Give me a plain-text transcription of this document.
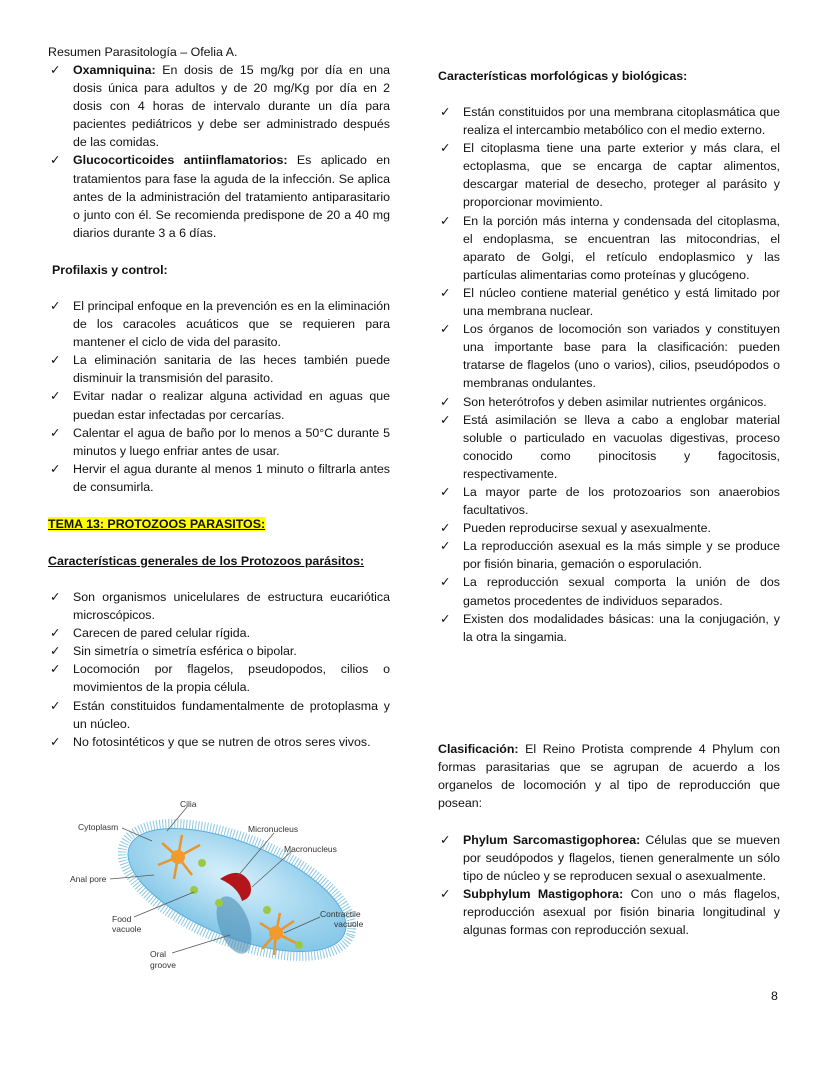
Resumen Parasitología – Ofelia A.
✓ Oxamniquina: En dosis de 15 mg/kg por día en una dosis única para adultos y de 20 mg/Kg por día en 2 dosis con 4 horas de intervalo durante un día para pacientes pediátricos y debe ser administrado después de las comidas.
✓ Glucocorticoides antiinflamatorios: Es aplicado en tratamientos para fase la aguda de la infección. Se aplica antes de la administración del tratamiento antiparasitario o junto con él. Se recomienda predispone de 20 a 40 mg diarios durante 3 a 6 días.
Profilaxis y control:
✓ El principal enfoque en la prevención es en la eliminación de los caracoles acuáticos que se requieren para mantener el ciclo de vida del parasito.
✓ La eliminación sanitaria de las heces también puede disminuir la transmisión del parasito.
✓ Evitar nadar o realizar alguna actividad en aguas que puedan estar infectadas por cercarías.
✓ Calentar el agua de baño por lo menos a 50°C durante 5 minutos y luego enfriar antes de usar.
✓ Hervir el agua durante al menos 1 minuto o filtrarla antes de consumirla.
TEMA 13: PROTOZOOS PARASITOS:
Características generales de los Protozoos parásitos:
✓ Son organismos unicelulares de estructura eucariótica microscópicos.
✓ Carecen de pared celular rígida.
✓ Sin simetría o simetría esférica o bipolar.
✓ Locomoción por flagelos, pseudopodos, cilios o movimientos de la propia célula.
✓ Están constituidos fundamentalmente de protoplasma y un núcleo.
✓ No fotosintéticos y que se nutren de otros seres vivos.
Cilia
Cytoplasm	Micronucleus
Macronucleus
Anal pore
Food
vacuole
Contractile
vacuole
Oral
groove
Características morfológicas y biológicas:
✓ Están constituidos por una membrana citoplasmática que realiza el intercambio metabólico con el medio externo.
✓ El citoplasma tiene una parte exterior y más clara, el ectoplasma, que se encarga de captar alimentos, descargar material de desecho, proteger al parásito y proporcionar movimiento.
✓ En la porción más interna y condensada del citoplasma, el endoplasma, se encuentran las mitocondrias, el aparato de Golgi, el retículo endoplasmico y las partículas alimentarias como proteínas y glucógeno.
✓ El núcleo contiene material genético y está limitado por una membrana nuclear.
✓ Los órganos de locomoción son variados y constituyen una importante base para la clasificación: pueden tratarse de flagelos (uno o varios), cilios, pseudópodos o membranas ondulantes.
✓ Son heterótrofos y deben asimilar nutrientes orgánicos.
✓ Está asimilación se lleva a cabo a englobar material soluble o particulado en vacuolas digestivas, proceso conocido como pinocitosis y fagocitosis, respectivamente.
✓ La mayor parte de los protozoarios son anaerobios facultativos.
✓ Pueden reproducirse sexual y asexualmente.
✓ La reproducción asexual es la más simple y se produce por fisión binaria, gemación o esporulación.
✓ La reproducción sexual comporta la unión de dos gametos procedentes de individuos separados.
✓ Existen dos modalidades básicas: una la conjugación, y la otra la singamia.
Clasificación: El Reino Protista comprende 4 Phylum con formas parasitarias que se agrupan de acuerdo a los organelos de locomoción y al tipo de reproducción que posean:
✓ Phylum Sarcomastigophorea: Células que se mueven por seudópodos y flagelos, tienen generalmente un sólo tipo de núcleo y se reproducen sexual o asexualmente.
✓ Subphylum Mastigophora: Con uno o más flagelos, reproducción asexual por fisión binaria longitudinal y algunas formas con reproducción sexual.
8
